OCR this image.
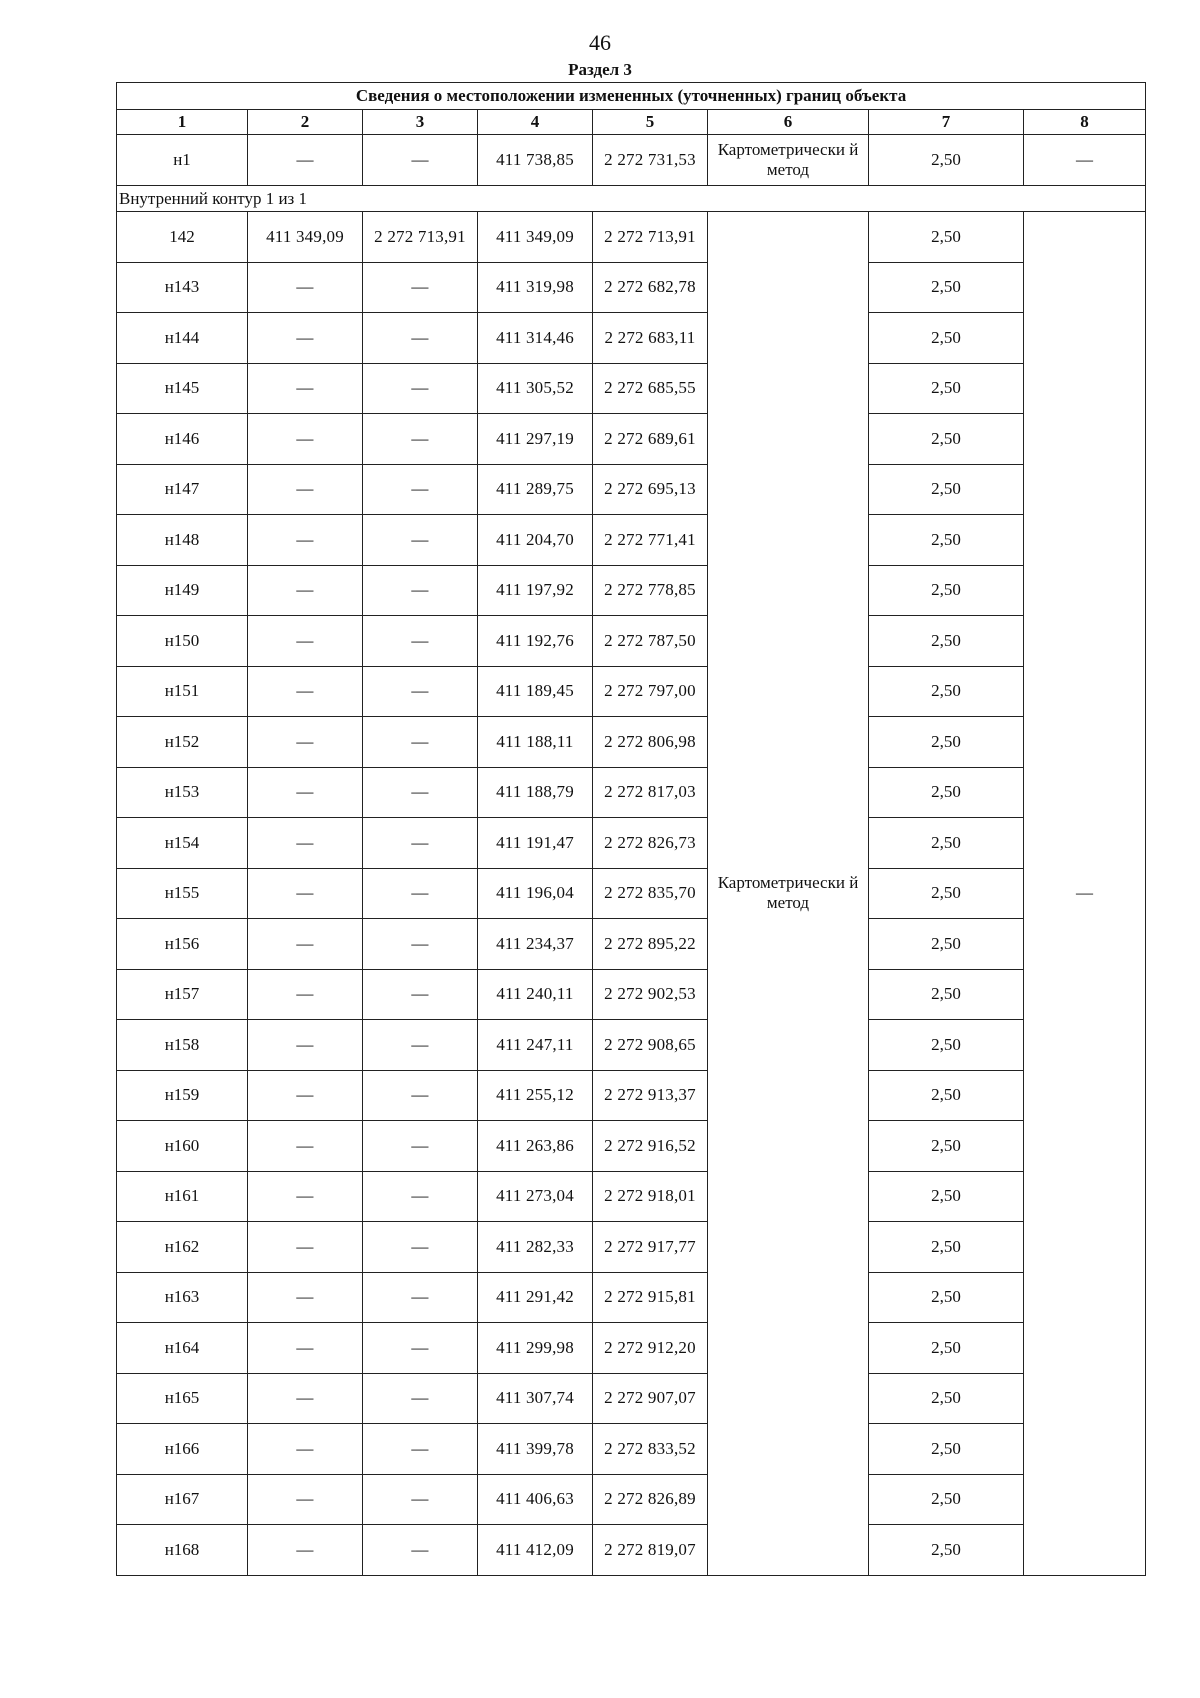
46
Раздел 3
Сведения о местоположении измененных (уточненных) границ объекта							
1	2	3	4	5	6	7	8
н1	—	—	411 738,85	2 272 731,53	Картометрически й метод	2,50	—
Внутренний контур 1 из 1							
142	411 349,09	2 272 713,91	411 349,09	2 272 713,91	Картометрически й метод	2,50	—
н143	—	—	411 319,98	2 272 682,78		2,50	
н144	—	—	411 314,46	2 272 683,11		2,50	
н145	—	—	411 305,52	2 272 685,55		2,50	
н146	—	—	411 297,19	2 272 689,61		2,50	
н147	—	—	411 289,75	2 272 695,13		2,50	
н148	—	—	411 204,70	2 272 771,41		2,50	
н149	—	—	411 197,92	2 272 778,85		2,50	
н150	—	—	411 192,76	2 272 787,50		2,50	
н151	—	—	411 189,45	2 272 797,00		2,50	
н152	—	—	411 188,11	2 272 806,98		2,50	
н153	—	—	411 188,79	2 272 817,03		2,50	
н154	—	—	411 191,47	2 272 826,73		2,50	
н155	—	—	411 196,04	2 272 835,70		2,50	
н156	—	—	411 234,37	2 272 895,22		2,50	
н157	—	—	411 240,11	2 272 902,53		2,50	
н158	—	—	411 247,11	2 272 908,65		2,50	
н159	—	—	411 255,12	2 272 913,37		2,50	
н160	—	—	411 263,86	2 272 916,52		2,50	
н161	—	—	411 273,04	2 272 918,01		2,50	
н162	—	—	411 282,33	2 272 917,77		2,50	
н163	—	—	411 291,42	2 272 915,81		2,50	
н164	—	—	411 299,98	2 272 912,20		2,50	
н165	—	—	411 307,74	2 272 907,07		2,50	
н166	—	—	411 399,78	2 272 833,52		2,50	
н167	—	—	411 406,63	2 272 826,89		2,50	
н168	—	—	411 412,09	2 272 819,07		2,50	
